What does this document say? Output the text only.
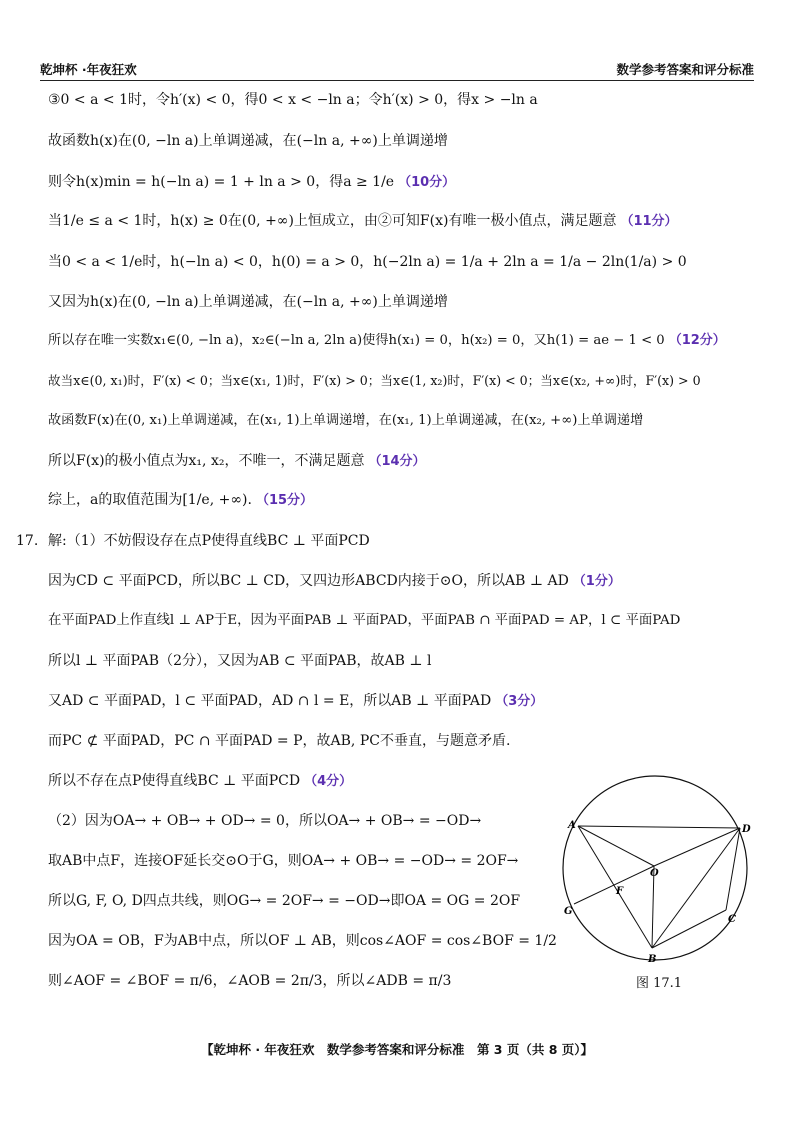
乾坤杯 ·年夜狂欢	数学参考答案和评分标准
③0 < a < 1时，令h′(x) < 0，得0 < x < −ln a；令h′(x) > 0，得x > −ln a
故函数h(x)在(0, −ln a)上单调递减，在(−ln a, +∞)上单调递增
则令h(x)min = h(−ln a) = 1 + ln a > 0，得a ≥ 1/e （10分）
当1/e ≤ a < 1时，h(x) ≥ 0在(0, +∞)上恒成立，由②可知F(x)有唯一极小值点，满足题意 （11分）
当0 < a < 1/e时，h(−ln a) < 0，h(0) = a > 0，h(−2ln a) = 1/a + 2ln a = 1/a − 2ln(1/a) > 0
又因为h(x)在(0, −ln a)上单调递减，在(−ln a, +∞)上单调递增
所以存在唯一实数x₁∈(0, −ln a)，x₂∈(−ln a, 2ln a)使得h(x₁) = 0，h(x₂) = 0，又h(1) = ae − 1 < 0 （12分）
故当x∈(0, x₁)时，F′(x) < 0；当x∈(x₁, 1)时，F′(x) > 0；当x∈(1, x₂)时，F′(x) < 0；当x∈(x₂, +∞)时，F′(x) > 0
故函数F(x)在(0, x₁)上单调递减，在(x₁, 1)上单调递增，在(x₁, 1)上单调递减，在(x₂, +∞)上单调递增
所以F(x)的极小值点为x₁, x₂，不唯一，不满足题意 （14分）
综上，a的取值范围为[1/e, +∞). （15分）
17. 解:（1）不妨假设存在点P使得直线BC ⊥ 平面PCD
因为CD ⊂ 平面PCD，所以BC ⊥ CD，又四边形ABCD内接于⊙O，所以AB ⊥ AD （1分）
在平面PAD上作直线l ⊥ AP于E，因为平面PAB ⊥ 平面PAD，平面PAB ∩ 平面PAD = AP，l ⊂ 平面PAD
所以l ⊥ 平面PAB（2分），又因为AB ⊂ 平面PAB，故AB ⊥ l
又AD ⊂ 平面PAD，l ⊂ 平面PAD，AD ∩ l = E，所以AB ⊥ 平面PAD （3分）
而PC ⊄ 平面PAD，PC ∩ 平面PAD = P，故AB, PC不垂直，与题意矛盾.
所以不存在点P使得直线BC ⊥ 平面PCD （4分）
（2）因为OA→ + OB→ + OD→ = 0，所以OA→ + OB→ = −OD→
取AB中点F，连接OF延长交⊙O于G，则OA→ + OB→ = −OD→ = 2OF→
所以G, F, O, D四点共线，则OG→ = 2OF→ = −OD→即OA = OG = 2OF
因为OA = OB，F为AB中点，所以OF ⊥ AB，则cos∠AOF = cos∠BOF = 1/2
则∠AOF = ∠BOF = π/6，∠AOB = 2π/3，所以∠ADB = π/3
A	D
O
F
G
C
B
图 17.1
【乾坤杯 · 年夜狂欢　数学参考答案和评分标准　第 3 页（共 8 页）】
